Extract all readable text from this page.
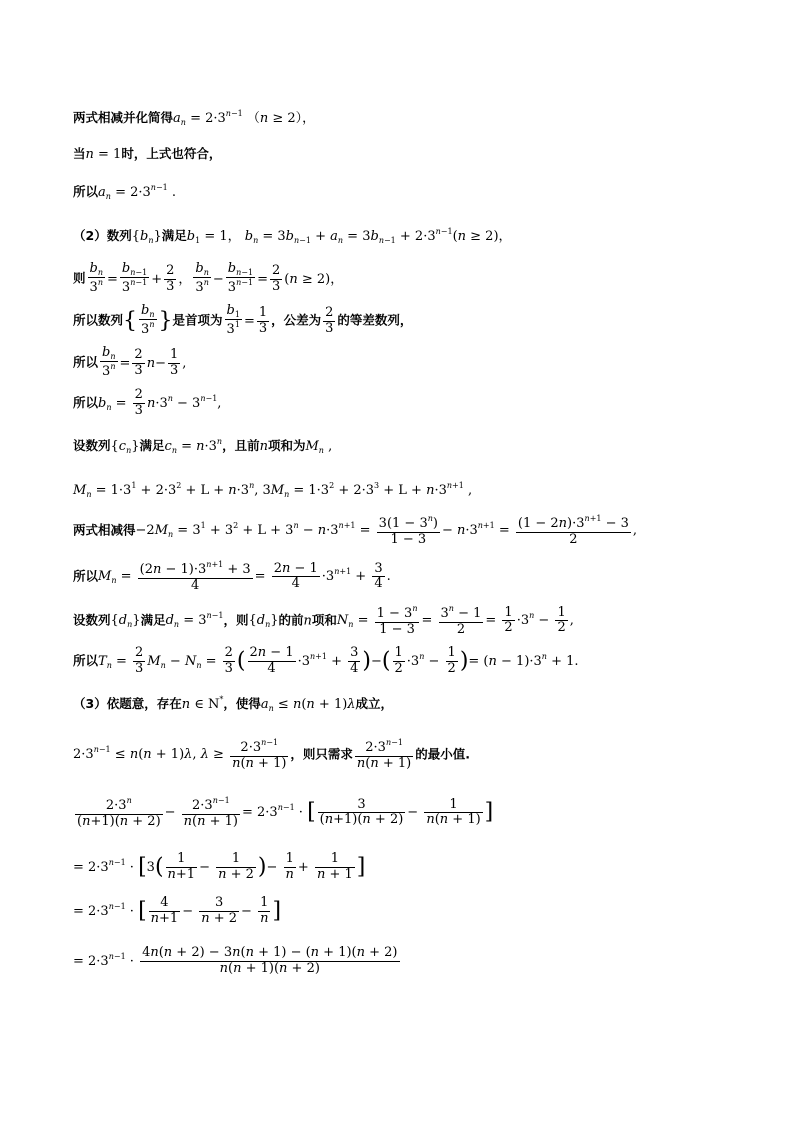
两式相减并化简得$a_n = 2\cdot 3^{n-1}$ （n ≥ 2），
当n = 1时，上式也符合，
所以$a_n = 2\cdot 3^{n-1}$ .
（2）数列$\{b_n\}$满足$b_1 = 1$， $b_n = 3b_{n-1} + a_n = 3b_{n-1} + 2\cdot 3^{n-1}(n \ge 2)$，
则 $\frac{b_n}{3^n} = \frac{b_{n-1}}{3^{n-1}} + \frac{2}{3}$ ， $\frac{b_n}{3^n} - \frac{b_{n-1}}{3^{n-1}} = \frac{2}{3} (n \ge 2)$，
所以数列{ $\frac{b_n}{3^n}$ }是首项为 $\frac{b_1}{3^1} = \frac{1}{3}$ ，公差为 $\frac{2}{3}$ 的等差数列，
所以 $\frac{b_n}{3^n} = \frac{2}{3} n- \frac{1}{3}$ ,
所以$b_n = \frac{2}{3} n\cdot 3^n - 3^{n-1}$,
设数列$\{c_n\}$满足$c_n = n\cdot 3^n$，且前n项和为$M_n$ ,
$M_n = 1\cdot 3^1 + 2\cdot 3^2 + L + n\cdot 3^n$, $3M_n = 1\cdot 3^2 + 2\cdot 3^3 + L + n\cdot 3^{n+1}$ ,
两式相减得$-2M_n = 3^1 + 3^2 + L + 3^n - n\cdot 3^{n+1} = \frac{3(1 - 3^n)}{1 - 3} - n\cdot 3^{n+1} = \frac{(1 - 2n)\cdot 3^{n+1} - 3}{2}$ ,
所以$M_n = \frac{(2n - 1)\cdot 3^{n+1} + 3}{4} = \frac{2n - 1}{4} \cdot 3^{n+1} + \frac{3}{4}$ .
设数列$\{d_n\}$满足$d_n = 3^{n-1}$，则$\{d_n\}$的前n项和$N_n = \frac{1 - 3^n}{1 - 3} = \frac{3^n - 1}{2} = \frac{1}{2} \cdot 3^n - \frac{1}{2}$ ,
所以$T_n = \frac{2}{3} M_n - N_n = \frac{2}{3}$ ( $\frac{2n - 1}{4} \cdot 3^{n+1} + \frac{3}{4}$ )−( $\frac{1}{2} \cdot 3^n - \frac{1}{2}$ )= $(n - 1)\cdot 3^n + 1$.
（3）依题意，存在n ∈ N*，使得$a_n \le n(n + 1)\lambda$成立，
$2\cdot 3^{n-1} \le n(n + 1)\lambda$, $\lambda \ge \frac{2\cdot 3^{n-1}}{n(n + 1)}$ ，则只需求 $\frac{2\cdot 3^{n-1}}{n(n + 1)}$ 的最小值.
$\frac{2\cdot 3^n}{(n+1)(n + 2)} - \frac{2\cdot 3^{n-1}}{n(n + 1)} = 2\cdot 3^{n-1}$ · [ $\frac{3}{(n+1)(n + 2)} - \frac{1}{n(n + 1)}$ ]
= $2\cdot 3^{n-1} \cdot [3( \frac{1}{n+1} - \frac{1}{n + 2}$ )− $\frac{1}{n} + \frac{1}{n + 1}$ ]
= $2\cdot 3^{n-1}$ · [ $\frac{4}{n+1} - \frac{3}{n + 2} - \frac{1}{n}$ ]
= $2\cdot 3^{n-1} \cdot \frac{4n(n + 2) - 3n(n + 1) - (n + 1)(n + 2)}{n(n + 1)(n + 2)}$
